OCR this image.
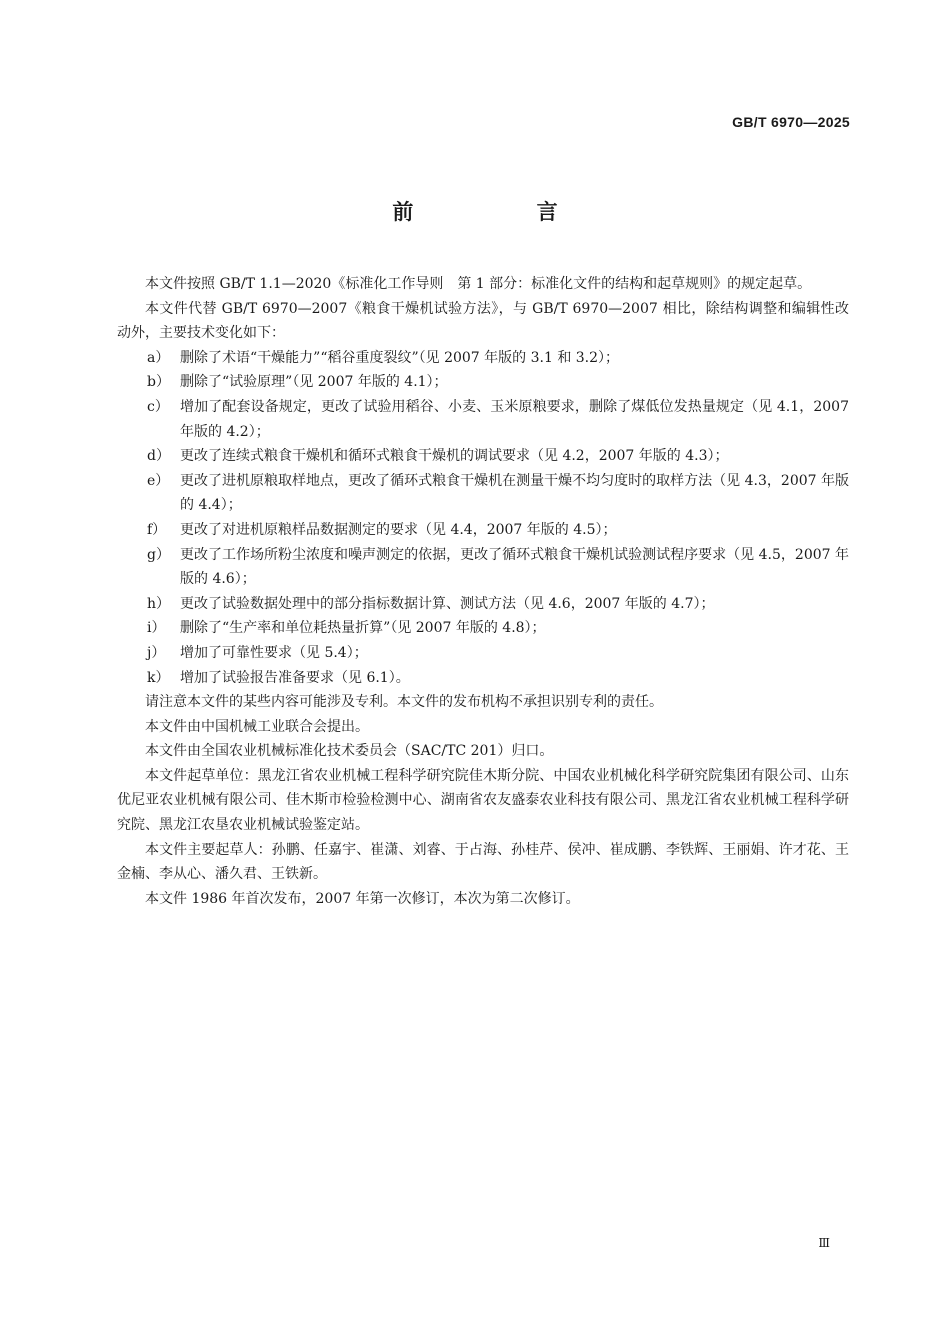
GB/T 6970—2025
前 言

本文件按照 GB/T 1.1—2020《标准化工作导则　第 1 部分：标准化文件的结构和起草规则》的规定起草。

本文件代替 GB/T 6970—2007《粮食干燥机试验方法》，与 GB/T 6970—2007 相比，除结构调整和编辑性改动外，主要技术变化如下：

a） 删除了术语“干燥能力”“稻谷重度裂纹”（见 2007 年版的 3.1 和 3.2）；
b） 删除了“试验原理”（见 2007 年版的 4.1）；
c） 增加了配套设备规定，更改了试验用稻谷、小麦、玉米原粮要求，删除了煤低位发热量规定（见 4.1，2007 年版的 4.2）；
d） 更改了连续式粮食干燥机和循环式粮食干燥机的调试要求（见 4.2，2007 年版的 4.3）；
e） 更改了进机原粮取样地点，更改了循环式粮食干燥机在测量干燥不均匀度时的取样方法（见 4.3，2007 年版的 4.4）；
f） 更改了对进机原粮样品数据测定的要求（见 4.4，2007 年版的 4.5）；
g） 更改了工作场所粉尘浓度和噪声测定的依据，更改了循环式粮食干燥机试验测试程序要求（见 4.5，2007 年版的 4.6）；
h） 更改了试验数据处理中的部分指标数据计算、测试方法（见 4.6，2007 年版的 4.7）；
i） 删除了“生产率和单位耗热量折算”（见 2007 年版的 4.8）；
j） 增加了可靠性要求（见 5.4）；
k） 增加了试验报告准备要求（见 6.1）。

请注意本文件的某些内容可能涉及专利。本文件的发布机构不承担识别专利的责任。

本文件由中国机械工业联合会提出。

本文件由全国农业机械标准化技术委员会（SAC/TC 201）归口。

本文件起草单位：黑龙江省农业机械工程科学研究院佳木斯分院、中国农业机械化科学研究院集团有限公司、山东优尼亚农业机械有限公司、佳木斯市检验检测中心、湖南省农友盛泰农业科技有限公司、黑龙江省农业机械工程科学研究院、黑龙江农垦农业机械试验鉴定站。

本文件主要起草人：孙鹏、任嘉宇、崔潇、刘睿、于占海、孙桂芹、侯冲、崔成鹏、李铁辉、王丽娟、许才花、王金楠、李从心、潘久君、王铁新。

本文件 1986 年首次发布，2007 年第一次修订，本次为第二次修订。

Ⅲ
